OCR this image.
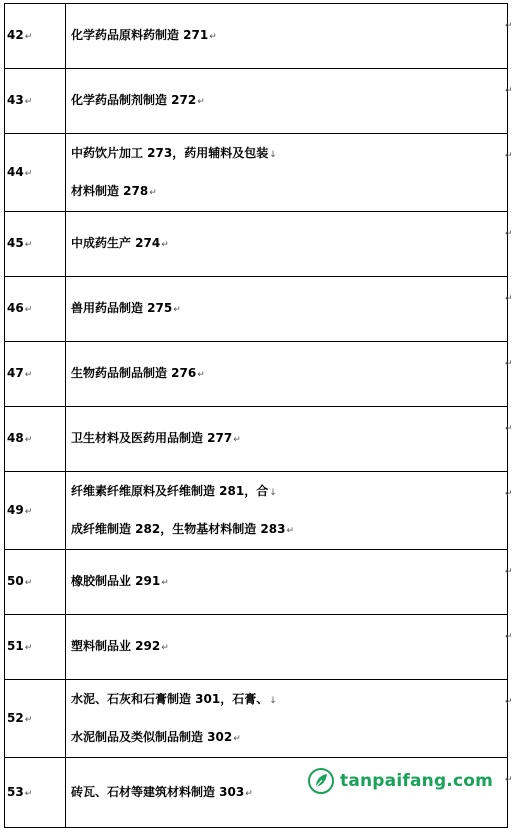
42↵	化学药品原料药制造 271↵

43↵	化学药品制剂制造 272↵

44↵	中药饮片加工 273，药用辅料及包装↓
材料制造 278↵

45↵	中成药生产 274↵

46↵	兽用药品制造 275↵

47↵	生物药品制品制造 276↵

48↵	卫生材料及医药用品制造 277↵

49↵	纤维素纤维原料及纤维制造 281，合↓
成纤维制造 282，生物基材料制造 283↵

50↵	橡胶制品业 291↵

51↵	塑料制品业 292↵

52↵	水泥、石灰和石膏制造 301，石膏、↓
水泥制品及类似制品制造 302↵

53↵	砖瓦、石材等建筑材料制造 303↵
tanpaifang.com
↵
↵
↵
↵
↵
↵
↵
↵
↵
↵
↵
↵
